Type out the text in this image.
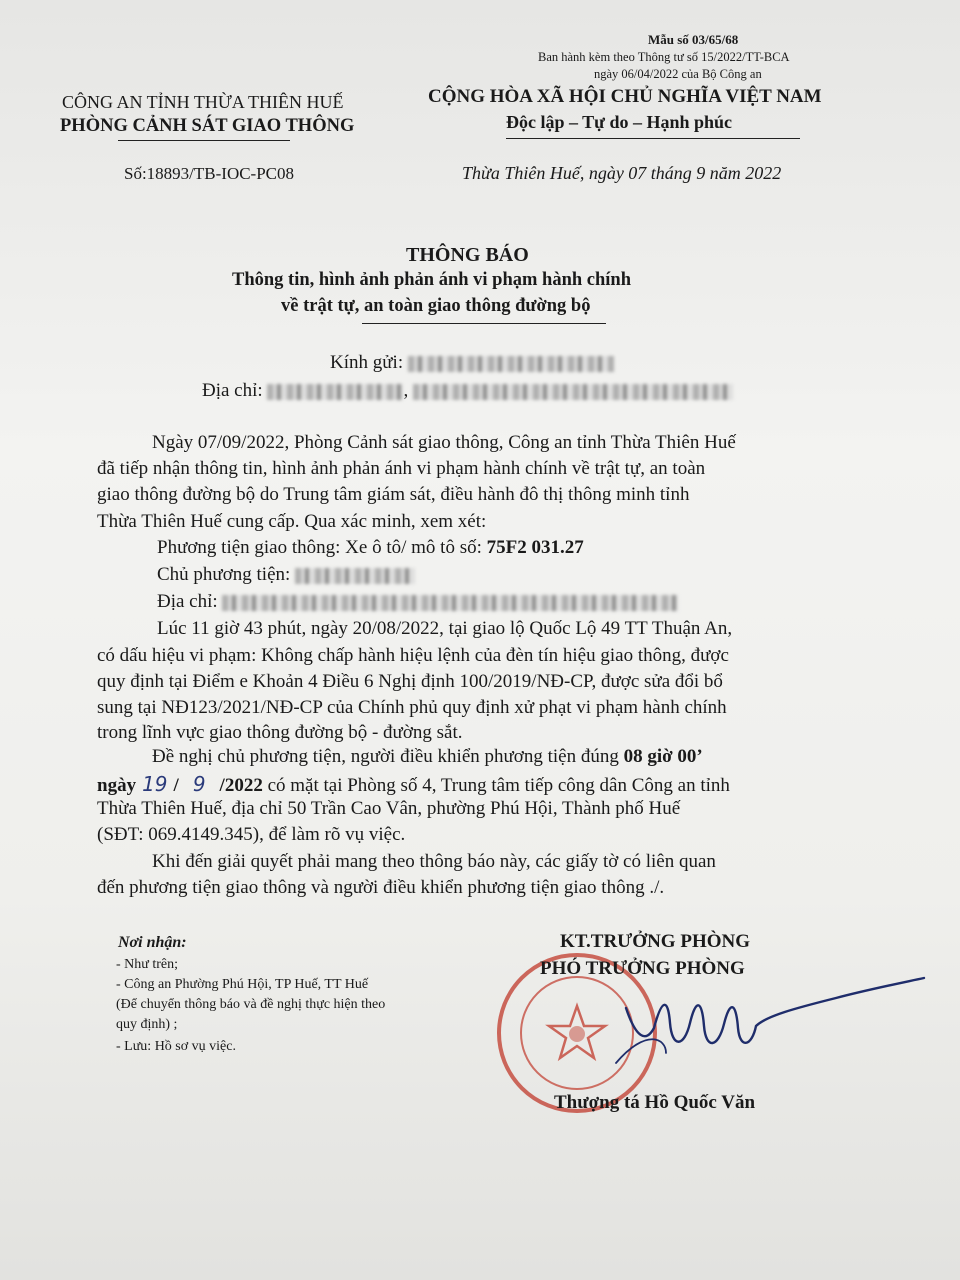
Mẫu số 03/65/68
Ban hành kèm theo Thông tư số 15/2022/TT-BCA
ngày 06/04/2022 của Bộ Công an
CÔNG AN TỈNH THỪA THIÊN HUẾ
PHÒNG CẢNH SÁT GIAO THÔNG
Số:18893/TB-IOC-PC08
CỘNG HÒA XÃ HỘI CHỦ NGHĨA VIỆT NAM
Độc lập – Tự do – Hạnh phúc
Thừa Thiên Huế, ngày 07 tháng 9 năm 2022
THÔNG BÁO
Thông tin, hình ảnh phản ánh vi phạm hành chính
về trật tự, an toàn giao thông đường bộ
Kính gửi:
Địa chỉ:	,
Ngày 07/09/2022, Phòng Cảnh sát giao thông, Công an tỉnh Thừa Thiên Huế
đã tiếp nhận thông tin, hình ảnh phản ánh vi phạm hành chính về trật tự, an toàn
giao thông đường bộ do Trung tâm giám sát, điều hành đô thị thông minh tỉnh
Thừa Thiên Huế cung cấp. Qua xác minh, xem xét:
Phương tiện giao thông: Xe ô tô/ mô tô số: 75F2 031.27
Chủ phương tiện:
Địa chỉ:
Lúc 11 giờ 43 phút, ngày 20/08/2022, tại giao lộ Quốc Lộ 49 TT Thuận An,
có dấu hiệu vi phạm: Không chấp hành hiệu lệnh của đèn tín hiệu giao thông, được
quy định tại Điểm e Khoản 4 Điều 6 Nghị định 100/2019/NĐ-CP, được sửa đổi bổ
sung tại NĐ123/2021/NĐ-CP của Chính phủ quy định xử phạt vi phạm hành chính
trong lĩnh vực giao thông đường bộ - đường sắt.
Đề nghị chủ phương tiện, người điều khiển phương tiện đúng 08 giờ 00’
ngày 19 / 9 /2022 có mặt tại Phòng số 4, Trung tâm tiếp công dân Công an tỉnh
Thừa Thiên Huế, địa chỉ 50 Trần Cao Vân, phường Phú Hội, Thành phố Huế
(SĐT: 069.4149.345), để làm rõ vụ việc.
Khi đến giải quyết phải mang theo thông báo này, các giấy tờ có liên quan
đến phương tiện giao thông và người điều khiển phương tiện giao thông ./.
Nơi nhận:
- Như trên;
- Công an Phường Phú Hội, TP Huế, TT Huế
(Để chuyển thông báo và đề nghị thực hiện theo
quy định) ;
- Lưu: Hồ sơ vụ việc.
KT.TRƯỞNG PHÒNG
PHÓ TRƯỞNG PHÒNG
Thượng tá Hồ Quốc Văn
